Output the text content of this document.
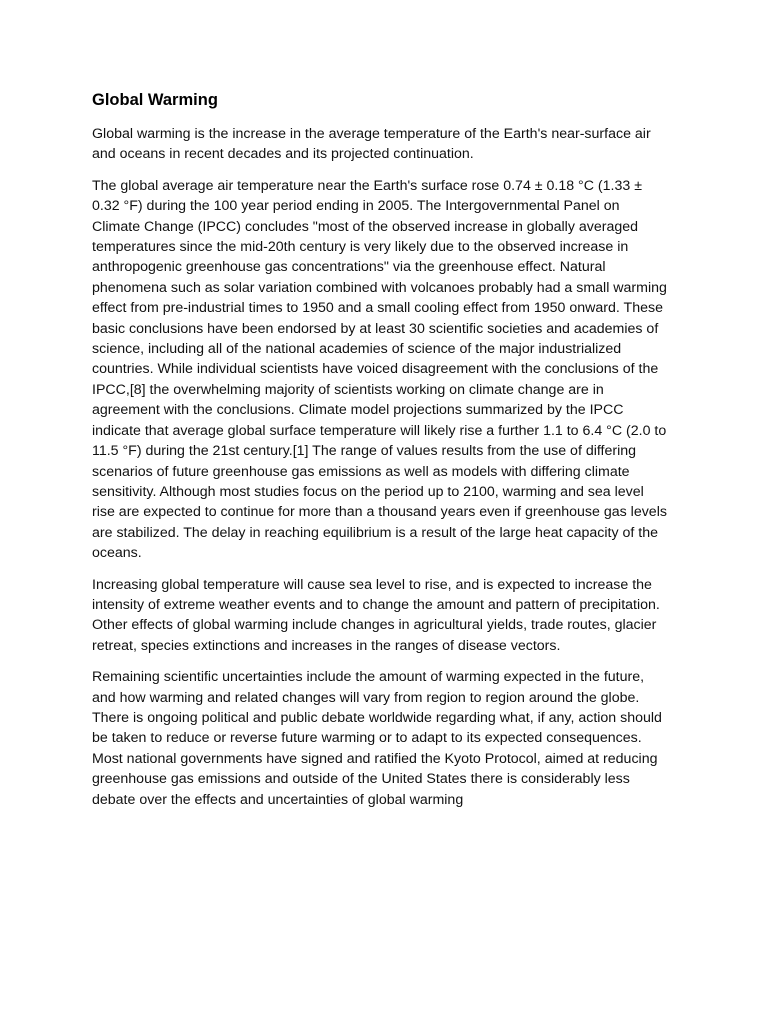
Global Warming

Global warming is the increase in the average temperature of the Earth's near-surface air and oceans in recent decades and its projected continuation.

The global average air temperature near the Earth's surface rose 0.74 ± 0.18 °C (1.33 ± 0.32 °F) during the 100 year period ending in 2005. The Intergovernmental Panel on Climate Change (IPCC) concludes "most of the observed increase in globally averaged temperatures since the mid-20th century is very likely due to the observed increase in anthropogenic greenhouse gas concentrations" via the greenhouse effect. Natural phenomena such as solar variation combined with volcanoes probably had a small warming effect from pre-industrial times to 1950 and a small cooling effect from 1950 onward. These basic conclusions have been endorsed by at least 30 scientific societies and academies of science, including all of the national academies of science of the major industrialized countries. While individual scientists have voiced disagreement with the conclusions of the IPCC,[8] the overwhelming majority of scientists working on climate change are in agreement with the conclusions. Climate model projections summarized by the IPCC indicate that average global surface temperature will likely rise a further 1.1 to 6.4 °C (2.0 to 11.5 °F) during the 21st century.[1] The range of values results from the use of differing scenarios of future greenhouse gas emissions as well as models with differing climate sensitivity. Although most studies focus on the period up to 2100, warming and sea level rise are expected to continue for more than a thousand years even if greenhouse gas levels are stabilized. The delay in reaching equilibrium is a result of the large heat capacity of the oceans.

Increasing global temperature will cause sea level to rise, and is expected to increase the intensity of extreme weather events and to change the amount and pattern of precipitation. Other effects of global warming include changes in agricultural yields, trade routes, glacier retreat, species extinctions and increases in the ranges of disease vectors.

Remaining scientific uncertainties include the amount of warming expected in the future, and how warming and related changes will vary from region to region around the globe. There is ongoing political and public debate worldwide regarding what, if any, action should be taken to reduce or reverse future warming or to adapt to its expected consequences. Most national governments have signed and ratified the Kyoto Protocol, aimed at reducing greenhouse gas emissions and outside of the United States there is considerably less debate over the effects and uncertainties of global warming
